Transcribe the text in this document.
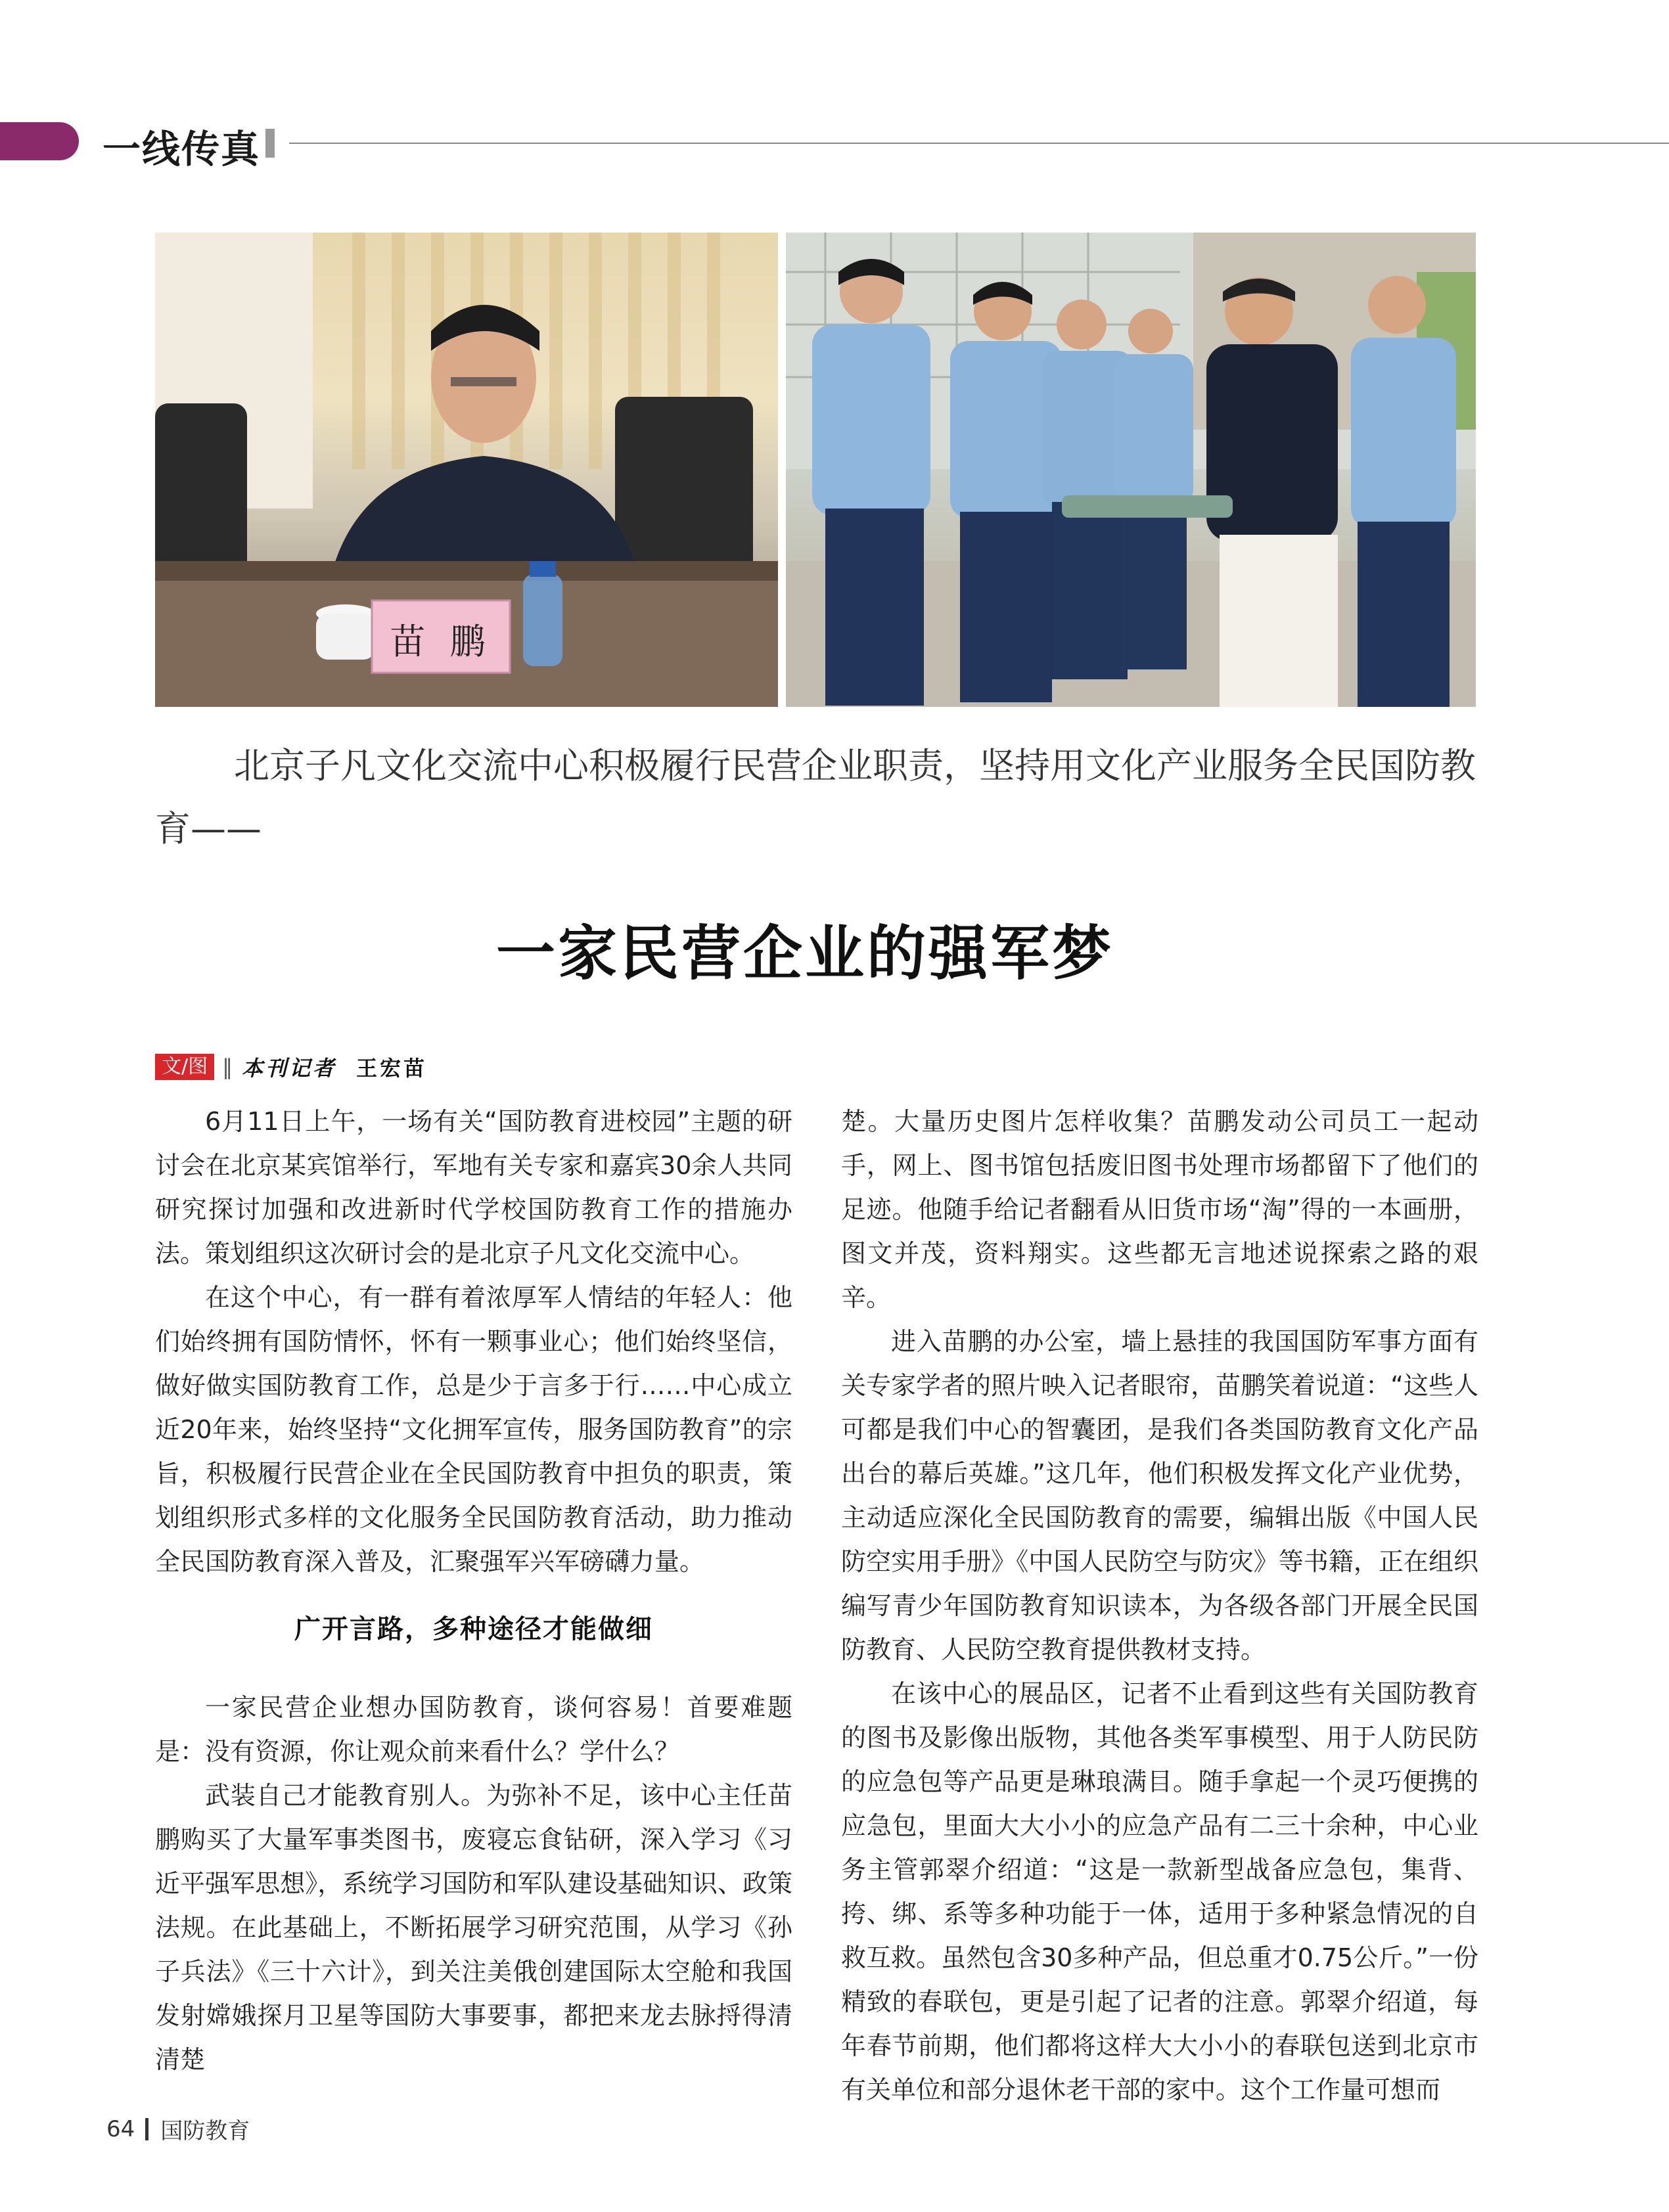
一线传真
苗 鹏

北京子凡文化交流中心积极履行民营企业职责，坚持用文化产业服务全民国防教育——

一家民营企业的强军梦
文/图 ‖ 本刊记者 王宏苗

6月11日上午，一场有关“国防教育进校园”主题的研讨会在北京某宾馆举行，军地有关专家和嘉宾30余人共同研究探讨加强和改进新时代学校国防教育工作的措施办法。策划组织这次研讨会的是北京子凡文化交流中心。

在这个中心，有一群有着浓厚军人情结的年轻人：他们始终拥有国防情怀，怀有一颗事业心；他们始终坚信，做好做实国防教育工作，总是少于言多于行……中心成立近20年来，始终坚持“文化拥军宣传，服务国防教育”的宗旨，积极履行民营企业在全民国防教育中担负的职责，策划组织形式多样的文化服务全民国防教育活动，助力推动全民国防教育深入普及，汇聚强军兴军磅礴力量。

广开言路，多种途径才能做细

一家民营企业想办国防教育，谈何容易！首要难题是：没有资源，你让观众前来看什么？学什么？

武装自己才能教育别人。为弥补不足，该中心主任苗鹏购买了大量军事类图书，废寝忘食钻研，深入学习《习近平强军思想》，系统学习国防和军队建设基础知识、政策法规。在此基础上，不断拓展学习研究范围，从学习《孙子兵法》《三十六计》，到关注美俄创建国际太空舱和我国发射嫦娥探月卫星等国防大事要事，都把来龙去脉捋得清清楚

楚。大量历史图片怎样收集？苗鹏发动公司员工一起动手，网上、图书馆包括废旧图书处理市场都留下了他们的足迹。他随手给记者翻看从旧货市场“淘”得的一本画册，图文并茂，资料翔实。这些都无言地述说探索之路的艰辛。

进入苗鹏的办公室，墙上悬挂的我国国防军事方面有关专家学者的照片映入记者眼帘，苗鹏笑着说道：“这些人可都是我们中心的智囊团，是我们各类国防教育文化产品出台的幕后英雄。”这几年，他们积极发挥文化产业优势，主动适应深化全民国防教育的需要，编辑出版《中国人民防空实用手册》《中国人民防空与防灾》等书籍，正在组织编写青少年国防教育知识读本，为各级各部门开展全民国防教育、人民防空教育提供教材支持。

在该中心的展品区，记者不止看到这些有关国防教育的图书及影像出版物，其他各类军事模型、用于人防民防的应急包等产品更是琳琅满目。随手拿起一个灵巧便携的应急包，里面大大小小的应急产品有二三十余种，中心业务主管郭翠介绍道：“这是一款新型战备应急包，集背、挎、绑、系等多种功能于一体，适用于多种紧急情况的自救互救。虽然包含30多种产品，但总重才0.75公斤。”一份精致的春联包，更是引起了记者的注意。郭翠介绍道，每年春节前期，他们都将这样大大小小的春联包送到北京市有关单位和部分退休老干部的家中。这个工作量可想而

64 国防教育
